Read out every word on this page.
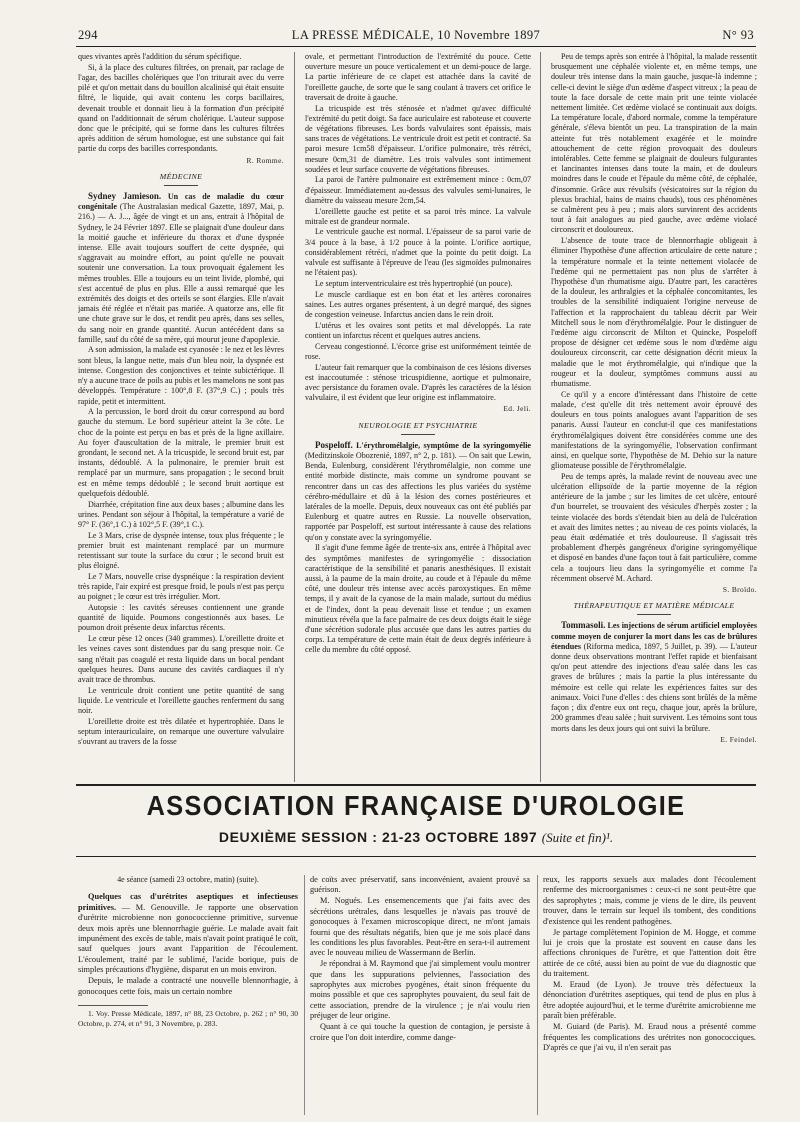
294	LA PRESSE MÉDICALE, 10 Novembre 1897	N° 93

ques vivantes après l'addition du sérum spécifique.

Si, à la place des cultures filtrées, on prenait, par raclage de l'agar, des bacilles cholériques que l'on triturait avec du verre pilé et qu'on mettait dans du bouillon alcalinisé qui était ensuite filtré, le liquide, qui avait contenu les corps bacillaires, devenait trouble et donnait lieu à la formation d'un précipité quand on l'additionnait de sérum cholérique. L'auteur suppose donc que le précipité, qui se forme dans les cultures filtrées après addition de sérum homologue, est une substance qui fait partie du corps des bacilles correspondants.

R. Romme.
MÉDECINE

Sydney Jamieson. Un cas de maladie du cœur congénitale (The Australasian medical Gazette, 1897, Mai, p. 216.) — A. J..., âgée de vingt et un ans, entrait à l'hôpital de Sydney, le 24 Février 1897. Elle se plaignait d'une douleur dans la moitié gauche et inférieure du thorax et d'une dyspnée intense. Elle avait toujours souffert de cette dyspnée, qui s'aggravait au moindre effort, au point qu'elle ne pouvait soutenir une conversation. La toux provoquait également les mêmes troubles. Elle a toujours eu un teint livide, plombé, qui s'est accentué de plus en plus. Elle a aussi remarqué que les extrémités des doigts et des orteils se sont élargies. Elle n'avait jamais été réglée et n'était pas mariée. A quatorze ans, elle fit une chute grave sur le dos, et rendit peu après, dans ses selles, du sang noir en grande quantité. Aucun antécédent dans sa famille, sauf du côté de sa mère, qui mourut jeune d'apoplexie.

A son admission, la malade est cyanosée : le nez et les lèvres sont bleus, la langue nette, mais d'un bleu noir, la dyspnée est intense. Congestion des conjonctives et teinte subictérique. Il n'y a aucune trace de poils au pubis et les mamelons ne sont pas développés. Température : 100°,8 F. (37°,9 C.) ; pouls très rapide, petit et intermittent.

A la percussion, le bord droit du cœur correspond au bord gauche du sternum. Le bord supérieur atteint la 3e côte. Le choc de la pointe est perçu en bas et près de la ligne axillaire. Au foyer d'auscultation de la mitrale, le premier bruit est grondant, le second net. A la tricuspide, le second bruit est, par instants, dédoublé. A la pulmonaire, le premier bruit est remplacé par un murmure, sans propagation ; le second bruit est en même temps dédoublé ; le second bruit aortique est quelquefois dédoublé.

Diarrhée, crépitation fine aux deux bases ; albumine dans les urines. Pendant son séjour à l'hôpital, la température a varié de 97° F. (36°,1 C.) à 102°,5 F. (39°,1 C.).

Le 3 Mars, crise de dyspnée intense, toux plus fréquente ; le premier bruit est maintenant remplacé par un murmure retentissant sur toute la surface du cœur ; le second bruit est plus éloigné.

Le 7 Mars, nouvelle crise dyspnéique : la respiration devient très rapide, l'air expiré est presque froid, le pouls n'est pas perçu au poignet ; le cœur est très irrégulier. Mort.

Autopsie : les cavités séreuses contiennent une grande quantité de liquide. Poumons congestionnés aux bases. Le poumon droit présente deux infarctus récents.

Le cœur pèse 12 onces (340 grammes). L'oreillette droite et les veines caves sont distendues par du sang presque noir. Ce sang n'était pas coagulé et resta liquide dans un bocal pendant quelques heures. Dans aucune des cavités cardiaques il n'y avait trace de thrombus.

Le ventricule droit contient une petite quantité de sang liquide. Le ventricule et l'oreillette gauches renferment du sang noir.

L'oreillette droite est très dilatée et hypertrophiée. Dans le septum interauriculaire, on remarque une ouverture valvulaire s'ouvrant au travers de la fosse

ovale, et permettant l'introduction de l'extrémité du pouce. Cette ouverture mesure un pouce verticalement et un demi-pouce de large. La partie inférieure de ce clapet est attachée dans la cavité de l'oreillette gauche, de sorte que le sang coulant à travers cet orifice le traversait de droite à gauche.

La tricuspide est très sténosée et n'admet qu'avec difficulté l'extrémité du petit doigt. Sa face auriculaire est raboteuse et couverte de végétations fibreuses. Les bords valvulaires sont épaissis, mais sans traces de végétations. Le ventricule droit est petit et contracté. Sa paroi mesure 1cm58 d'épaisseur. L'orifice pulmonaire, très rétréci, mesure 0cm,31 de diamètre. Les trois valvules sont intimement soudées et leur surface couverte de végétations fibreuses.

La paroi de l'artère pulmonaire est extrêmement mince : 0cm,07 d'épaisseur. Immédiatement au-dessus des valvules semi-lunaires, le diamètre du vaisseau mesure 2cm,54.

L'oreillette gauche est petite et sa paroi très mince. La valvule mitrale est de grandeur normale.

Le ventricule gauche est normal. L'épaisseur de sa paroi varie de 3/4 pouce à la base, à 1/2 pouce à la pointe. L'orifice aortique, considérablement rétréci, n'admet que la pointe du petit doigt. La valvule est suffisante à l'épreuve de l'eau (les sigmoïdes pulmonaires ne l'étaient pas).

Le septum interventriculaire est très hypertrophié (un pouce).

Le muscle cardiaque est en bon état et les artères coronaires saines. Les autres organes présentent, à un degré marqué, des signes de congestion veineuse. Infarctus ancien dans le rein droit.

L'utérus et les ovaires sont petits et mal développés. La rate contient un infarctus récent et quelques autres anciens.

Cerveau congestionné. L'écorce grise est uniformément teintée de rose.

L'auteur fait remarquer que la combinaison de ces lésions diverses est inaccoutumée : sténose tricuspidienne, aortique et pulmonaire, avec persistance du foramen ovale. D'après les caractères de la lésion valvulaire, il est évident que leur origine est inflammatoire.

Ed. Jeli.
NEUROLOGIE ET PSYCHIATRIE

Pospeloff. L'érythromélalgie, symptôme de la syringomyélie (Meditzinskoïe Obozrenié, 1897, n° 2, p. 181). — On sait que Lewin, Benda, Eulenburg, considèrent l'érythromélalgie, non comme une entité morbide distincte, mais comme un syndrome pouvant se rencontrer dans un cas des affections les plus variées du système cérébro-médullaire et dû à la lésion des cornes postérieures et latérales de la moelle. Depuis, deux nouveaux cas ont été publiés par Eulenburg et quatre autres en Russie. La nouvelle observation, rapportée par Pospeloff, est surtout intéressante à cause des relations qu'on y constate avec la syringomyélie.

Il s'agit d'une femme âgée de trente-six ans, entrée à l'hôpital avec des symptômes manifestes de syringomyélie : dissociation caractéristique de la sensibilité et panaris anesthésiques. Il existait aussi, à la paume de la main droite, au coude et à l'épaule du même côté, une douleur très intense avec accès paroxystiques. En même temps, il y avait de la cyanose de la main malade, surtout du médius et de l'index, dont la peau devenait lisse et tendue ; un examen minutieux révéla que la face palmaire de ces deux doigts était le siège d'une sécrétion sudorale plus accusée que dans les autres parties du corps. La température de cette main était de deux degrés inférieure à celle du membre du côté opposé.

Peu de temps après son entrée à l'hôpital, la malade ressentit brusquement une céphalée violente et, en même temps, une douleur très intense dans la main gauche, jusque-là indemne ; celle-ci devint le siège d'un œdème d'aspect vitreux ; la peau de toute la face dorsale de cette main prit une teinte violacée nettement limitée. Cet œdème violacé se continuait aux doigts. La température locale, d'abord normale, comme la température générale, s'éleva bientôt un peu. La transpiration de la main atteinte fut très notablement exagérée et le moindre attouchement de cette région provoquait des douleurs intolérables. Cette femme se plaignait de douleurs fulgurantes et lancinantes intenses dans toute la main, et de douleurs moindres dans le coude et l'épaule du même côté, de céphalée, d'insomnie. Grâce aux révulsifs (vésicatoires sur la région du plexus brachial, bains de mains chauds), tous ces phénomènes se calmèrent peu à peu ; mais alors survinrent des accidents tout à fait analogues au pied gauche, avec œdème violacé circonscrit et douloureux.

L'absence de toute trace de blennorrhagie obligeait à éliminer l'hypothèse d'une affection articulaire de cette nature ; la température normale et la teinte nettement violacée de l'œdème qui ne permettaient pas non plus de s'arrêter à l'hypothèse d'un rhumatisme aigu. D'autre part, les caractères de la douleur, les arthralgies et la céphalée concomitantes, les troubles de la sensibilité indiquaient l'origine nerveuse de l'affection et la rapprochaient du tableau décrit par Weir Mitchell sous le nom d'érythromélalgie. Pour le distinguer de l'œdème aigu circonscrit de Milton et Quincke, Pospeloff propose de désigner cet œdème sous le nom d'œdème aigu douloureux circonscrit, car cette désignation décrit mieux la maladie que le mot érythromélalgie, qui n'indique que la rougeur et la douleur, symptômes communs aussi au rhumatisme.

Ce qu'il y a encore d'intéressant dans l'histoire de cette malade, c'est qu'elle dit très nettement avoir éprouvé des douleurs en tous points analogues avant l'apparition de ses panaris. Aussi l'auteur en conclut-il que ces manifestations érythromélalgiques doivent être considérées comme une des manifestations de la syringomyélie, l'observation confirmant ainsi, en quelque sorte, l'hypothèse de M. Dehio sur la nature gliomateuse possible de l'érythromélalgie.

Peu de temps après, la malade revint de nouveau avec une ulcération ellipsoïde de la partie moyenne de la région antérieure de la jambe ; sur les limites de cet ulcère, entouré d'un bourrelet, se trouvaient des vésicules d'herpès zoster ; la teinte violacée des bords s'étendait bien au delà de l'ulcération et avait des limites nettes ; au niveau de ces points violacés, la peau était œdématiée et très douloureuse. Il s'agissait très probablement d'herpès gangréneux d'origine syringomyélique et disposé en bandes d'une façon tout à fait particulière, comme cela a toujours lieu dans la syringomyélie et comme l'a récemment observé M. Achard.

S. Broïdo.
THÉRAPEUTIQUE ET MATIÈRE MÉDICALE

Tommasoli. Les injections de sérum artificiel employées comme moyen de conjurer la mort dans les cas de brûlures étendues (Riforma medica, 1897, 5 Juillet, p. 39). — L'auteur donne deux observations montrant l'effet rapide et bienfaisant qu'on peut attendre des injections d'eau salée dans les cas graves de brûlures ; mais la partie la plus intéressante du mémoire est celle qui relate les expériences faites sur des animaux. Voici l'une d'elles : des chiens sont brûlés de la même façon ; dix d'entre eux ont reçu, chaque jour, après la brûlure, 200 grammes d'eau salée ; huit survivent. Les témoins sont tous morts dans les deux jours qui ont suivi la brûlure.

E. Feindel.
ASSOCIATION FRANÇAISE D'UROLOGIE
DEUXIÈME SESSION : 21-23 OCTOBRE 1897 (Suite et fin)¹.

4e séance (samedi 23 octobre, matin) (suite).

Quelques cas d'urétrites aseptiques et infectieuses primitives. — M. Genouville. Je rapporte une observation d'urétrite microbienne non gonococcienne primitive, survenue deux mois après une blennorrhagie guérie. Le malade avait fait impunément des excès de table, mais n'avait point pratiqué le coït, sauf quelques jours avant l'apparition de l'écoulement. L'écoulement, traité par le sublimé, l'acide borique, puis de simples précautions d'hygiène, disparut en un mois environ.

Depuis, le malade a contracté une nouvelle blennorrhagie, à gonocoques cette fois, mais un certain nombre

1. Voy. Presse Médicale, 1897, n° 88, 23 Octobre, p. 262 ; n° 90, 30 Octobre, p. 274, et n° 91, 3 Novembre, p. 283.

de coïts avec préservatif, sans inconvénient, avaient prouvé sa guérison.

M. Nogués. Les ensemencements que j'ai faits avec des sécrétions urétrales, dans lesquelles je n'avais pas trouvé de gonocoques à l'examen microscopique direct, ne m'ont jamais fourni que des résultats négatifs, bien que je me sois placé dans les conditions les plus favorables. Peut-être en sera-t-il autrement avec le nouveau milieu de Wassermann de Berlin.

Je répondrai à M. Raymond que j'ai simplement voulu montrer que dans les suppurations pelviennes, l'association des saprophytes aux microbes pyogènes, était sinon fréquente du moins possible et que ces saprophytes pouvaient, du seul fait de cette association, prendre de la virulence ; je n'ai voulu rien préjuger de leur origine.

Quant à ce qui touche la question de contagion, je persiste à croire que l'on doit interdire, comme dange-

reux, les rapports sexuels aux malades dont l'écoulement renferme des microorganismes : ceux-ci ne sont peut-être que des saprophytes ; mais, comme je viens de le dire, ils peuvent trouver, dans le terrain sur lequel ils tombent, des conditions d'existence qui les rendent pathogènes.

Je partage complètement l'opinion de M. Hogge, et comme lui je crois que la prostate est souvent en cause dans les affections chroniques de l'urètre, et que l'attention doit être attirée de ce côté, aussi bien au point de vue du diagnostic que du traitement.

M. Eraud (de Lyon). Je trouve très défectueux la dénonciation d'urétrites aseptiques, qui tend de plus en plus à être adoptée aujourd'hui, et le terme d'urétrite amicrobienne me paraît bien préférable.

M. Guiard (de Paris). M. Eraud nous a présenté comme fréquentes les complications des urétrites non gonococciques. D'après ce que j'ai vu, il n'en serait pas
